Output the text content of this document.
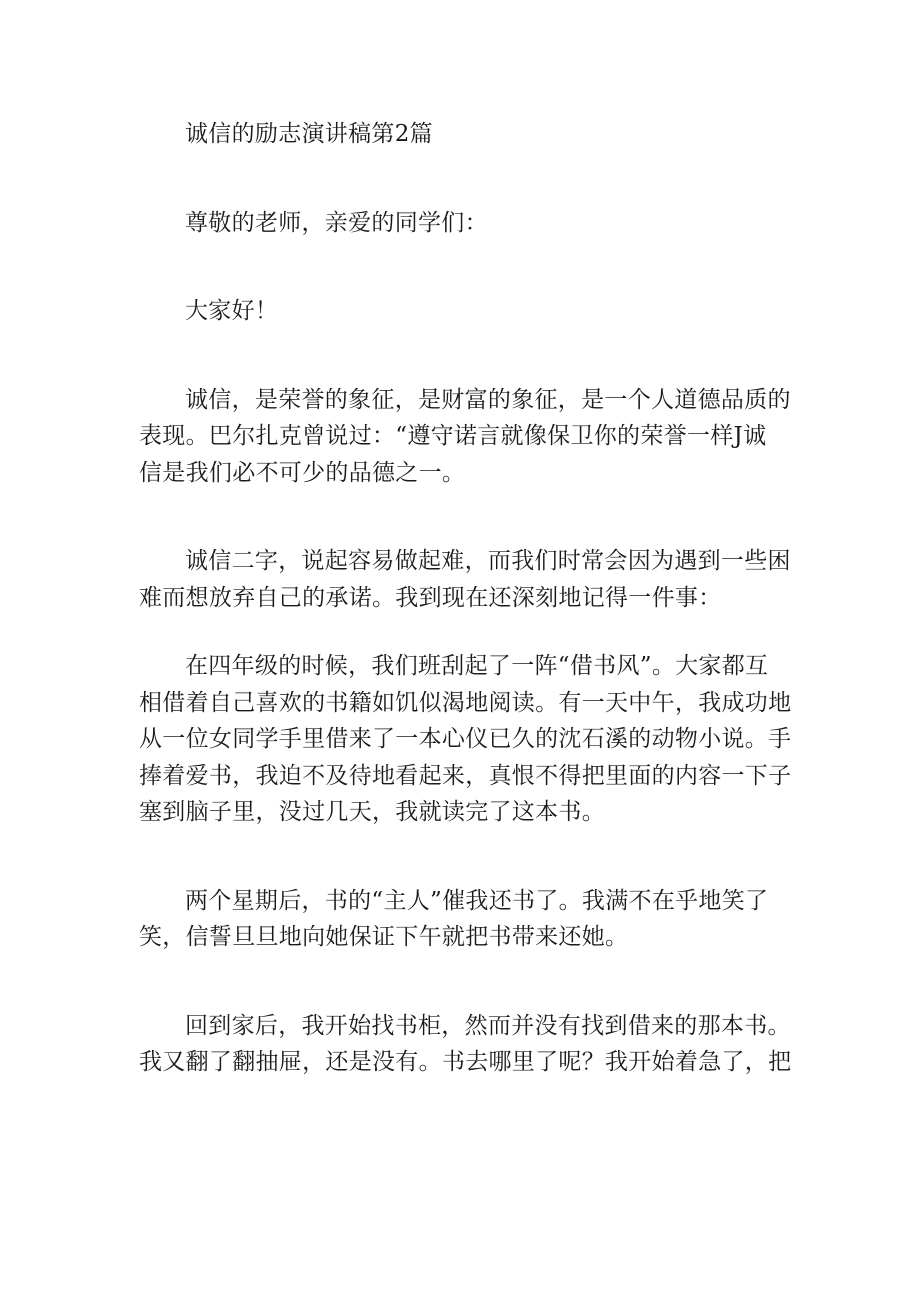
诚信的励志演讲稿第2篇

尊敬的老师，亲爱的同学们：

大家好！

诚信，是荣誉的象征，是财富的象征，是一个人道德品质的
表现。巴尔扎克曾说过：“遵守诺言就像保卫你的荣誉一样J诚
信是我们必不可少的品德之一。

诚信二字，说起容易做起难，而我们时常会因为遇到一些困
难而想放弃自己的承诺。我到现在还深刻地记得一件事：

在四年级的时候，我们班刮起了一阵“借书风”。大家都互
相借着自己喜欢的书籍如饥似渴地阅读。有一天中午，我成功地
从一位女同学手里借来了一本心仪已久的沈石溪的动物小说。手
捧着爱书，我迫不及待地看起来，真恨不得把里面的内容一下子
塞到脑子里，没过几天，我就读完了这本书。

两个星期后，书的“主人”催我还书了。我满不在乎地笑了
笑，信誓旦旦地向她保证下午就把书带来还她。

回到家后，我开始找书柜，然而并没有找到借来的那本书。
我又翻了翻抽屉，还是没有。书去哪里了呢？我开始着急了，把
